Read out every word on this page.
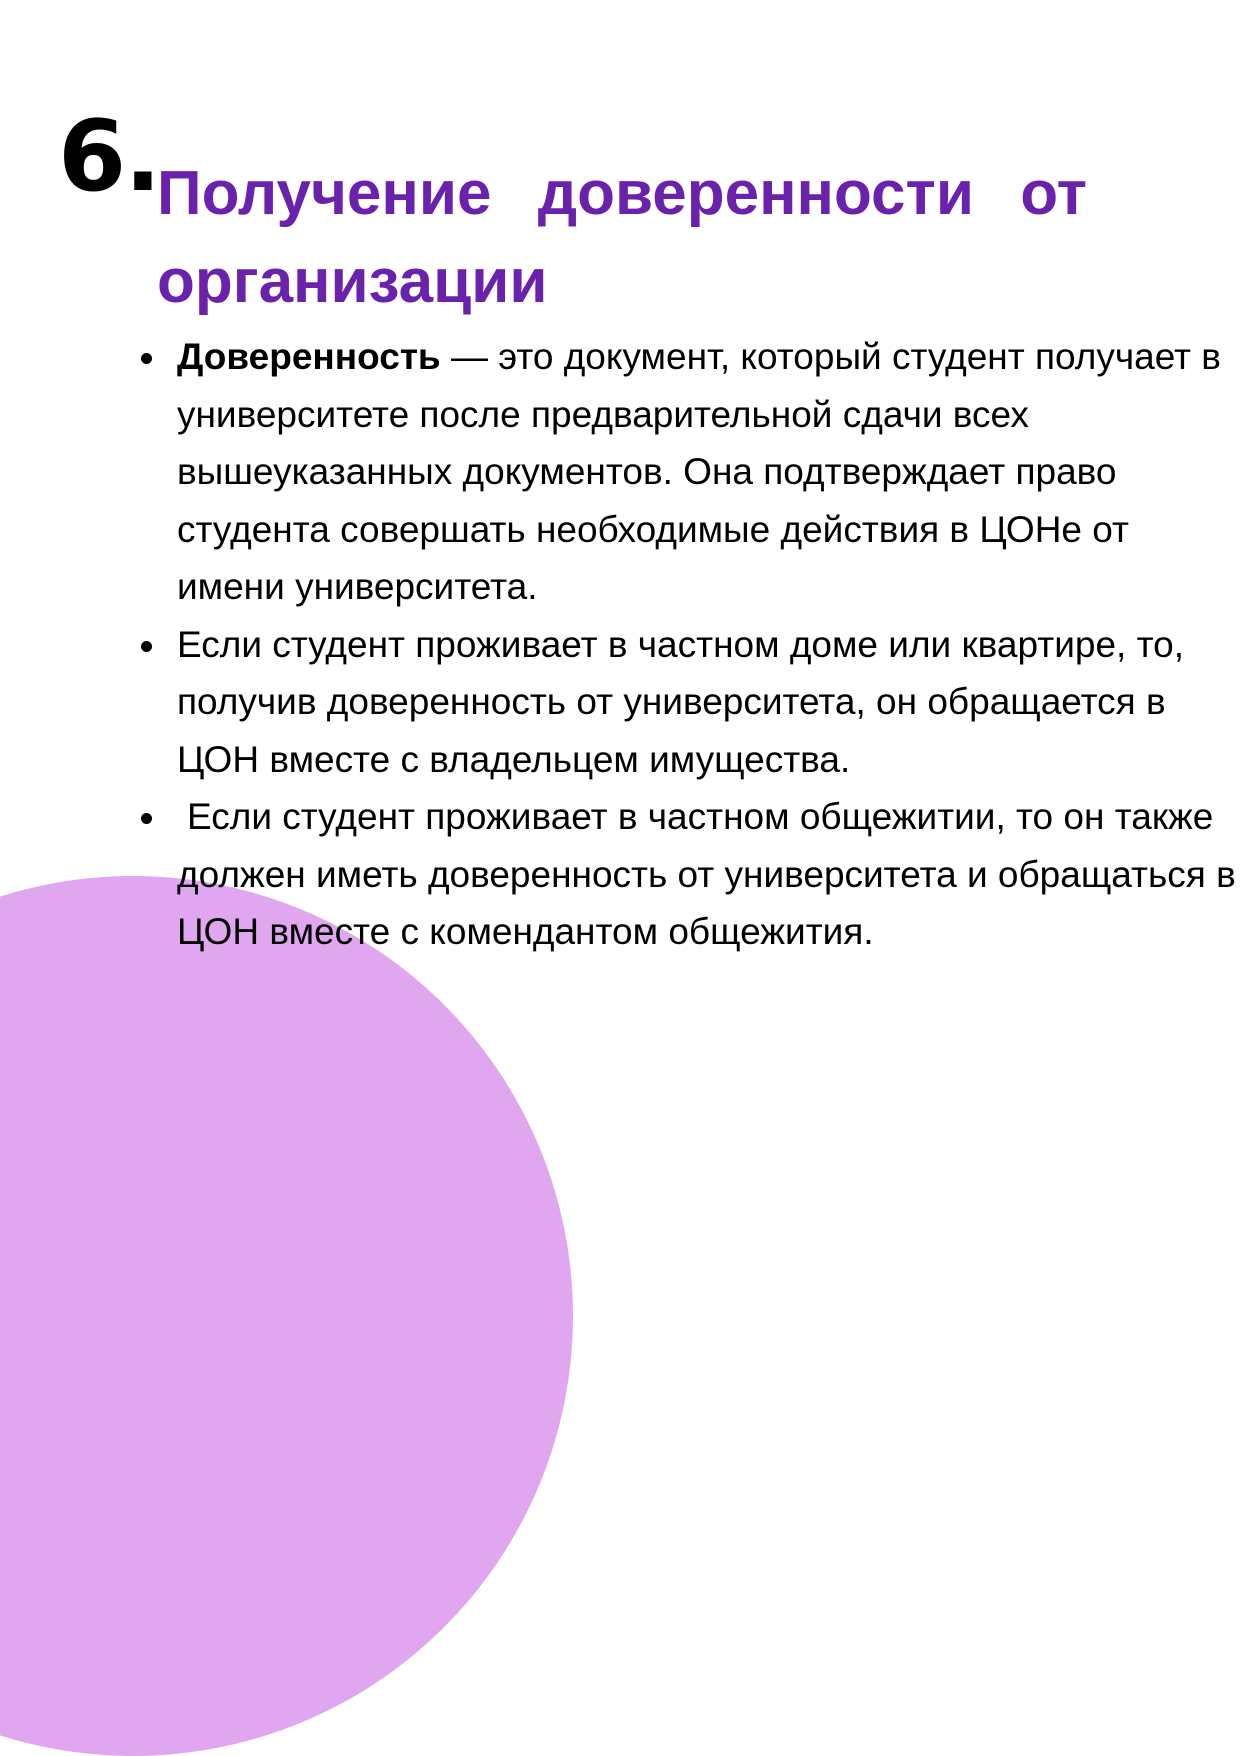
6.
Получение доверенности от организации
Доверенность — это документ, который студент получает в университете после предварительной сдачи всех вышеуказанных документов. Она подтверждает право студента совершать необходимые действия в ЦОНе от имени университета.
Если студент проживает в частном доме или квартире, то, получив доверенность от университета, он обращается в ЦОН вместе с владельцем имущества.
Если студент проживает в частном общежитии, то он также должен иметь доверенность от университета и обращаться в ЦОН вместе с комендантом общежития.
